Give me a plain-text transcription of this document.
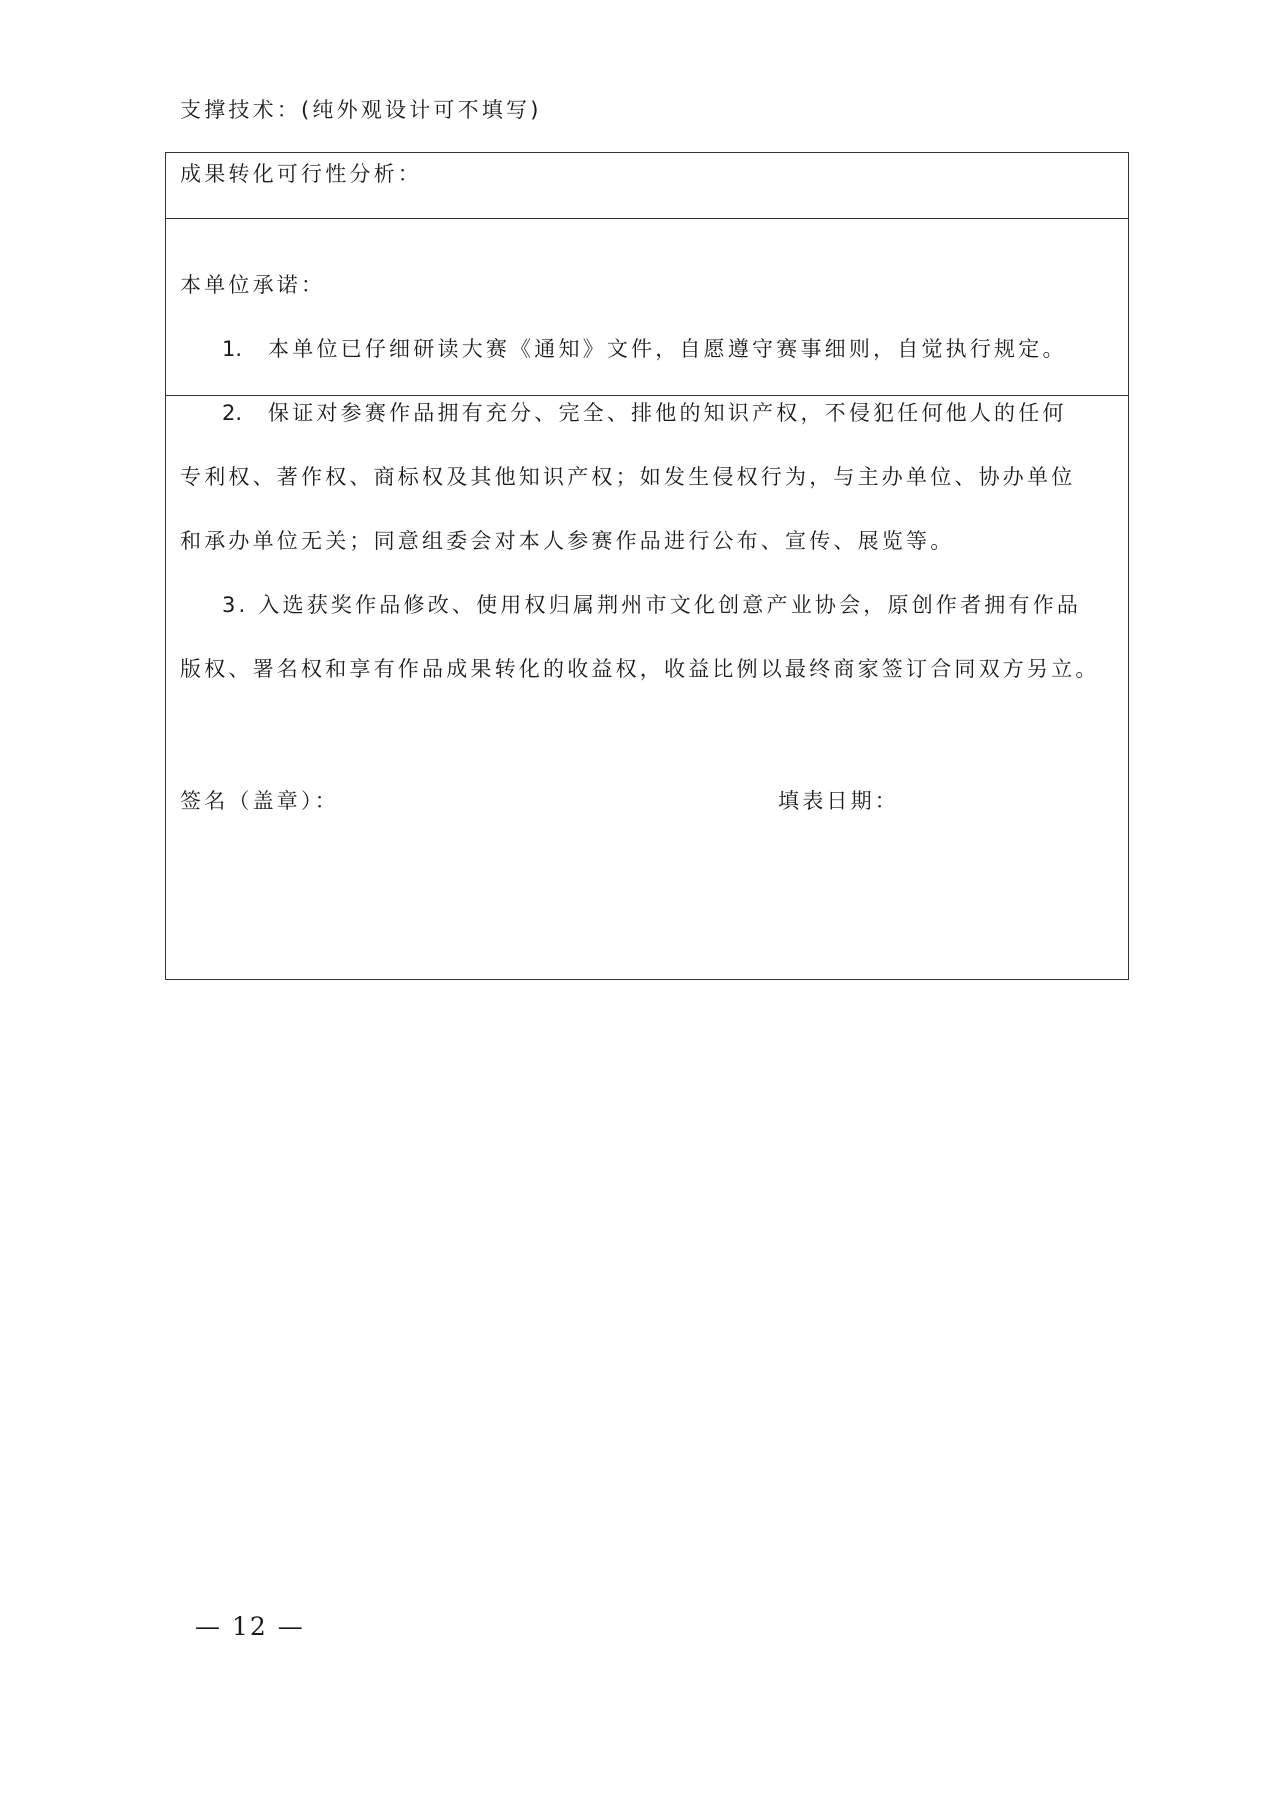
支撑技术：(纯外观设计可不填写)
成果转化可行性分析：
本单位承诺：
1. 本单位已仔细研读大赛《通知》文件，自愿遵守赛事细则，自觉执行规定。
2. 保证对参赛作品拥有充分、完全、排他的知识产权，不侵犯任何他人的任何
专利权、著作权、商标权及其他知识产权；如发生侵权行为，与主办单位、协办单位
和承办单位无关；同意组委会对本人参赛作品进行公布、宣传、展览等。
3. 入选获奖作品修改、使用权归属荆州市文化创意产业协会，原创作者拥有作品
版权、署名权和享有作品成果转化的收益权，收益比例以最终商家签订合同双方另立。
签名（盖章）：	填表日期：
— 12 —
